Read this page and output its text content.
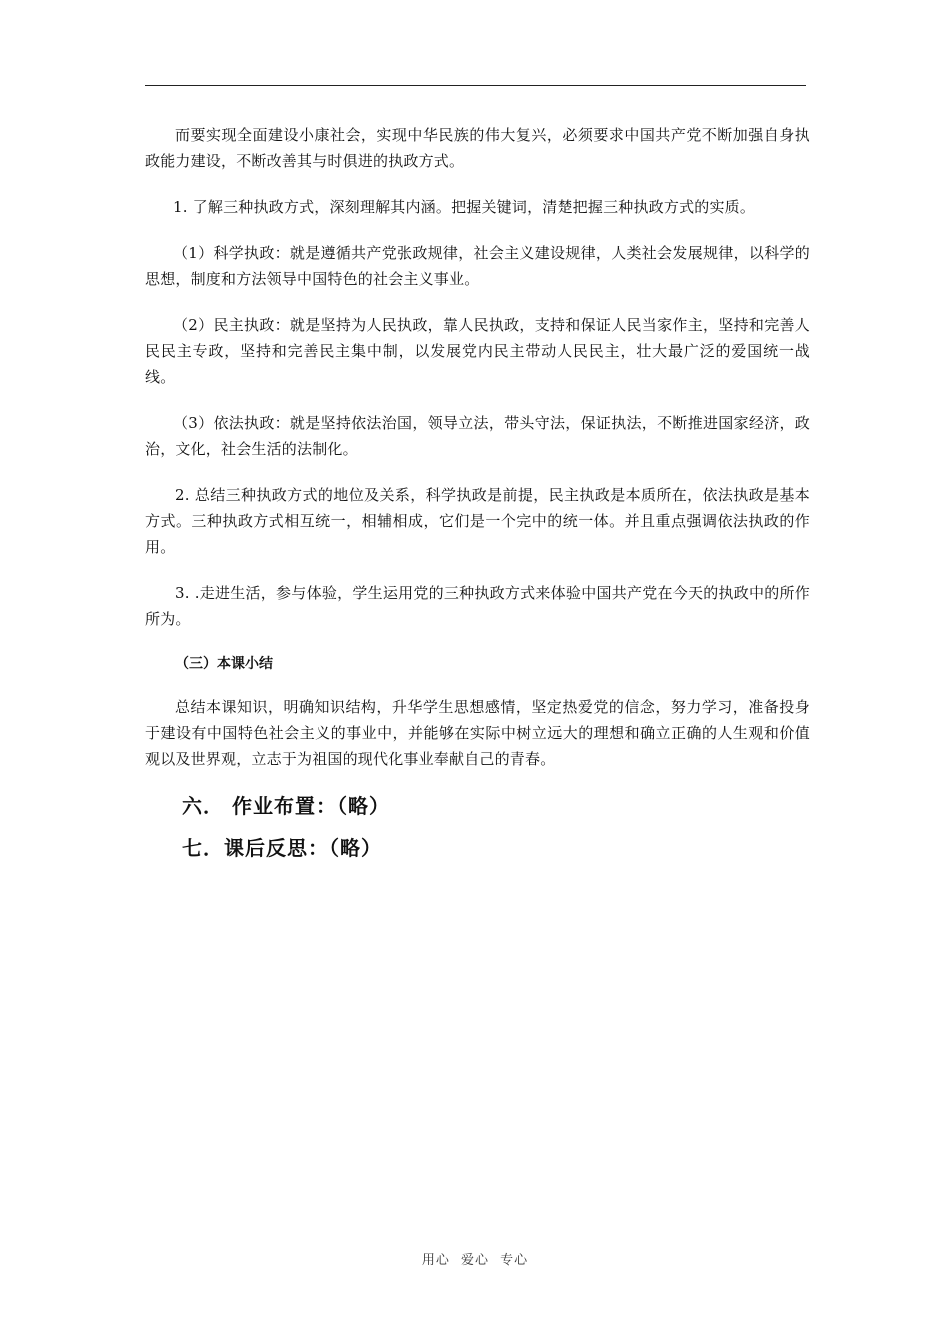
而要实现全面建设小康社会，实现中华民族的伟大复兴，必须要求中国共产党不断加强自身执政能力建设，不断改善其与时俱进的执政方式。

1. 了解三种执政方式，深刻理解其内涵。把握关键词，清楚把握三种执政方式的实质。

（1）科学执政：就是遵循共产党张政规律，社会主义建设规律，人类社会发展规律，以科学的思想，制度和方法领导中国特色的社会主义事业。

（2）民主执政：就是坚持为人民执政，靠人民执政，支持和保证人民当家作主，坚持和完善人民民主专政，坚持和完善民主集中制，以发展党内民主带动人民民主，壮大最广泛的爱国统一战线。

（3）依法执政：就是坚持依法治国，领导立法，带头守法，保证执法，不断推进国家经济，政治，文化，社会生活的法制化。

2. 总结三种执政方式的地位及关系，科学执政是前提，民主执政是本质所在，依法执政是基本方式。三种执政方式相互统一，相辅相成，它们是一个完中的统一体。并且重点强调依法执政的作用。

3. .走进生活，参与体验，学生运用党的三种执政方式来体验中国共产党在今天的执政中的所作所为。

（三）本课小结

总结本课知识，明确知识结构，升华学生思想感情，坚定热爱党的信念，努力学习，准备投身于建设有中国特色社会主义的事业中，并能够在实际中树立远大的理想和确立正确的人生观和价值观以及世界观，立志于为祖国的现代化事业奉献自己的青春。

六． 作业布置：（略）
七．课后反思：（略）
用心 爱心 专心
